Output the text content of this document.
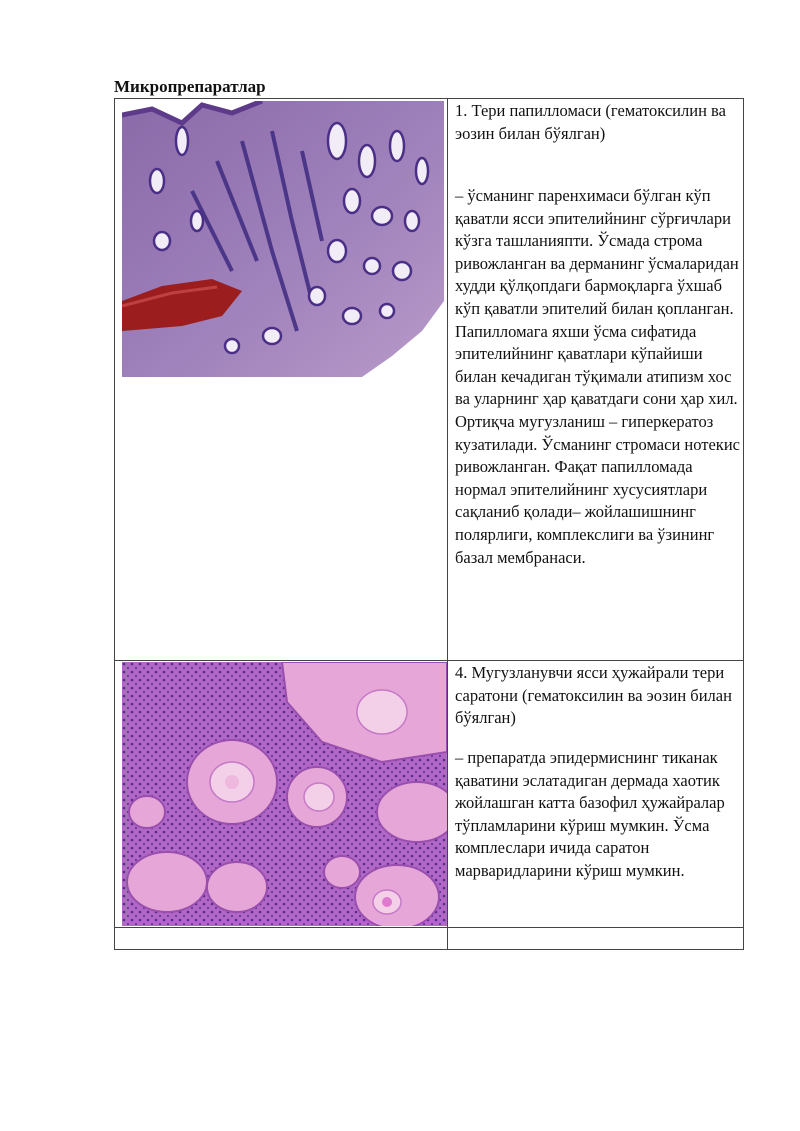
Микропрепаратлар
1. Тери папилломаси (гематоксилин ва эозин билан бўялган)
– ўсманинг паренхимаси бўлган кўп қаватли ясси эпителийнинг сўрғичлари кўзга ташланияпти. Ўсмада строма ривожланган ва дерманинг ўсмаларидан худди қўлқопдаги бармоқларга ўхшаб кўп қаватли эпителий билан қопланган. Папилломага яхши ўсма сифатида эпителийнинг қаватлари кўпайиши билан кечадиган тўқимали атипизм хос ва уларнинг ҳар қаватдаги сони ҳар хил. Ортиқча мугузланиш – гиперкератоз кузатилади. Ўсманинг стромаси нотекис ривожланган. Фақат папилломада нормал эпителийнинг хусусиятлари сақланиб қолади– жойлашишнинг полярлиги, комплекслиги ва ўзининг базал мембранаси.
4. Мугузланувчи ясси ҳужайрали тери саратони (гематоксилин ва эозин билан бўялган)
– препаратда эпидермиснинг тиканак қаватини эслатадиган дермада хаотик жойлашган катта базофил ҳужайралар тўпламларини кўриш мумкин. Ўсма комплеслари ичида саратон марваридларини кўриш мумкин.
